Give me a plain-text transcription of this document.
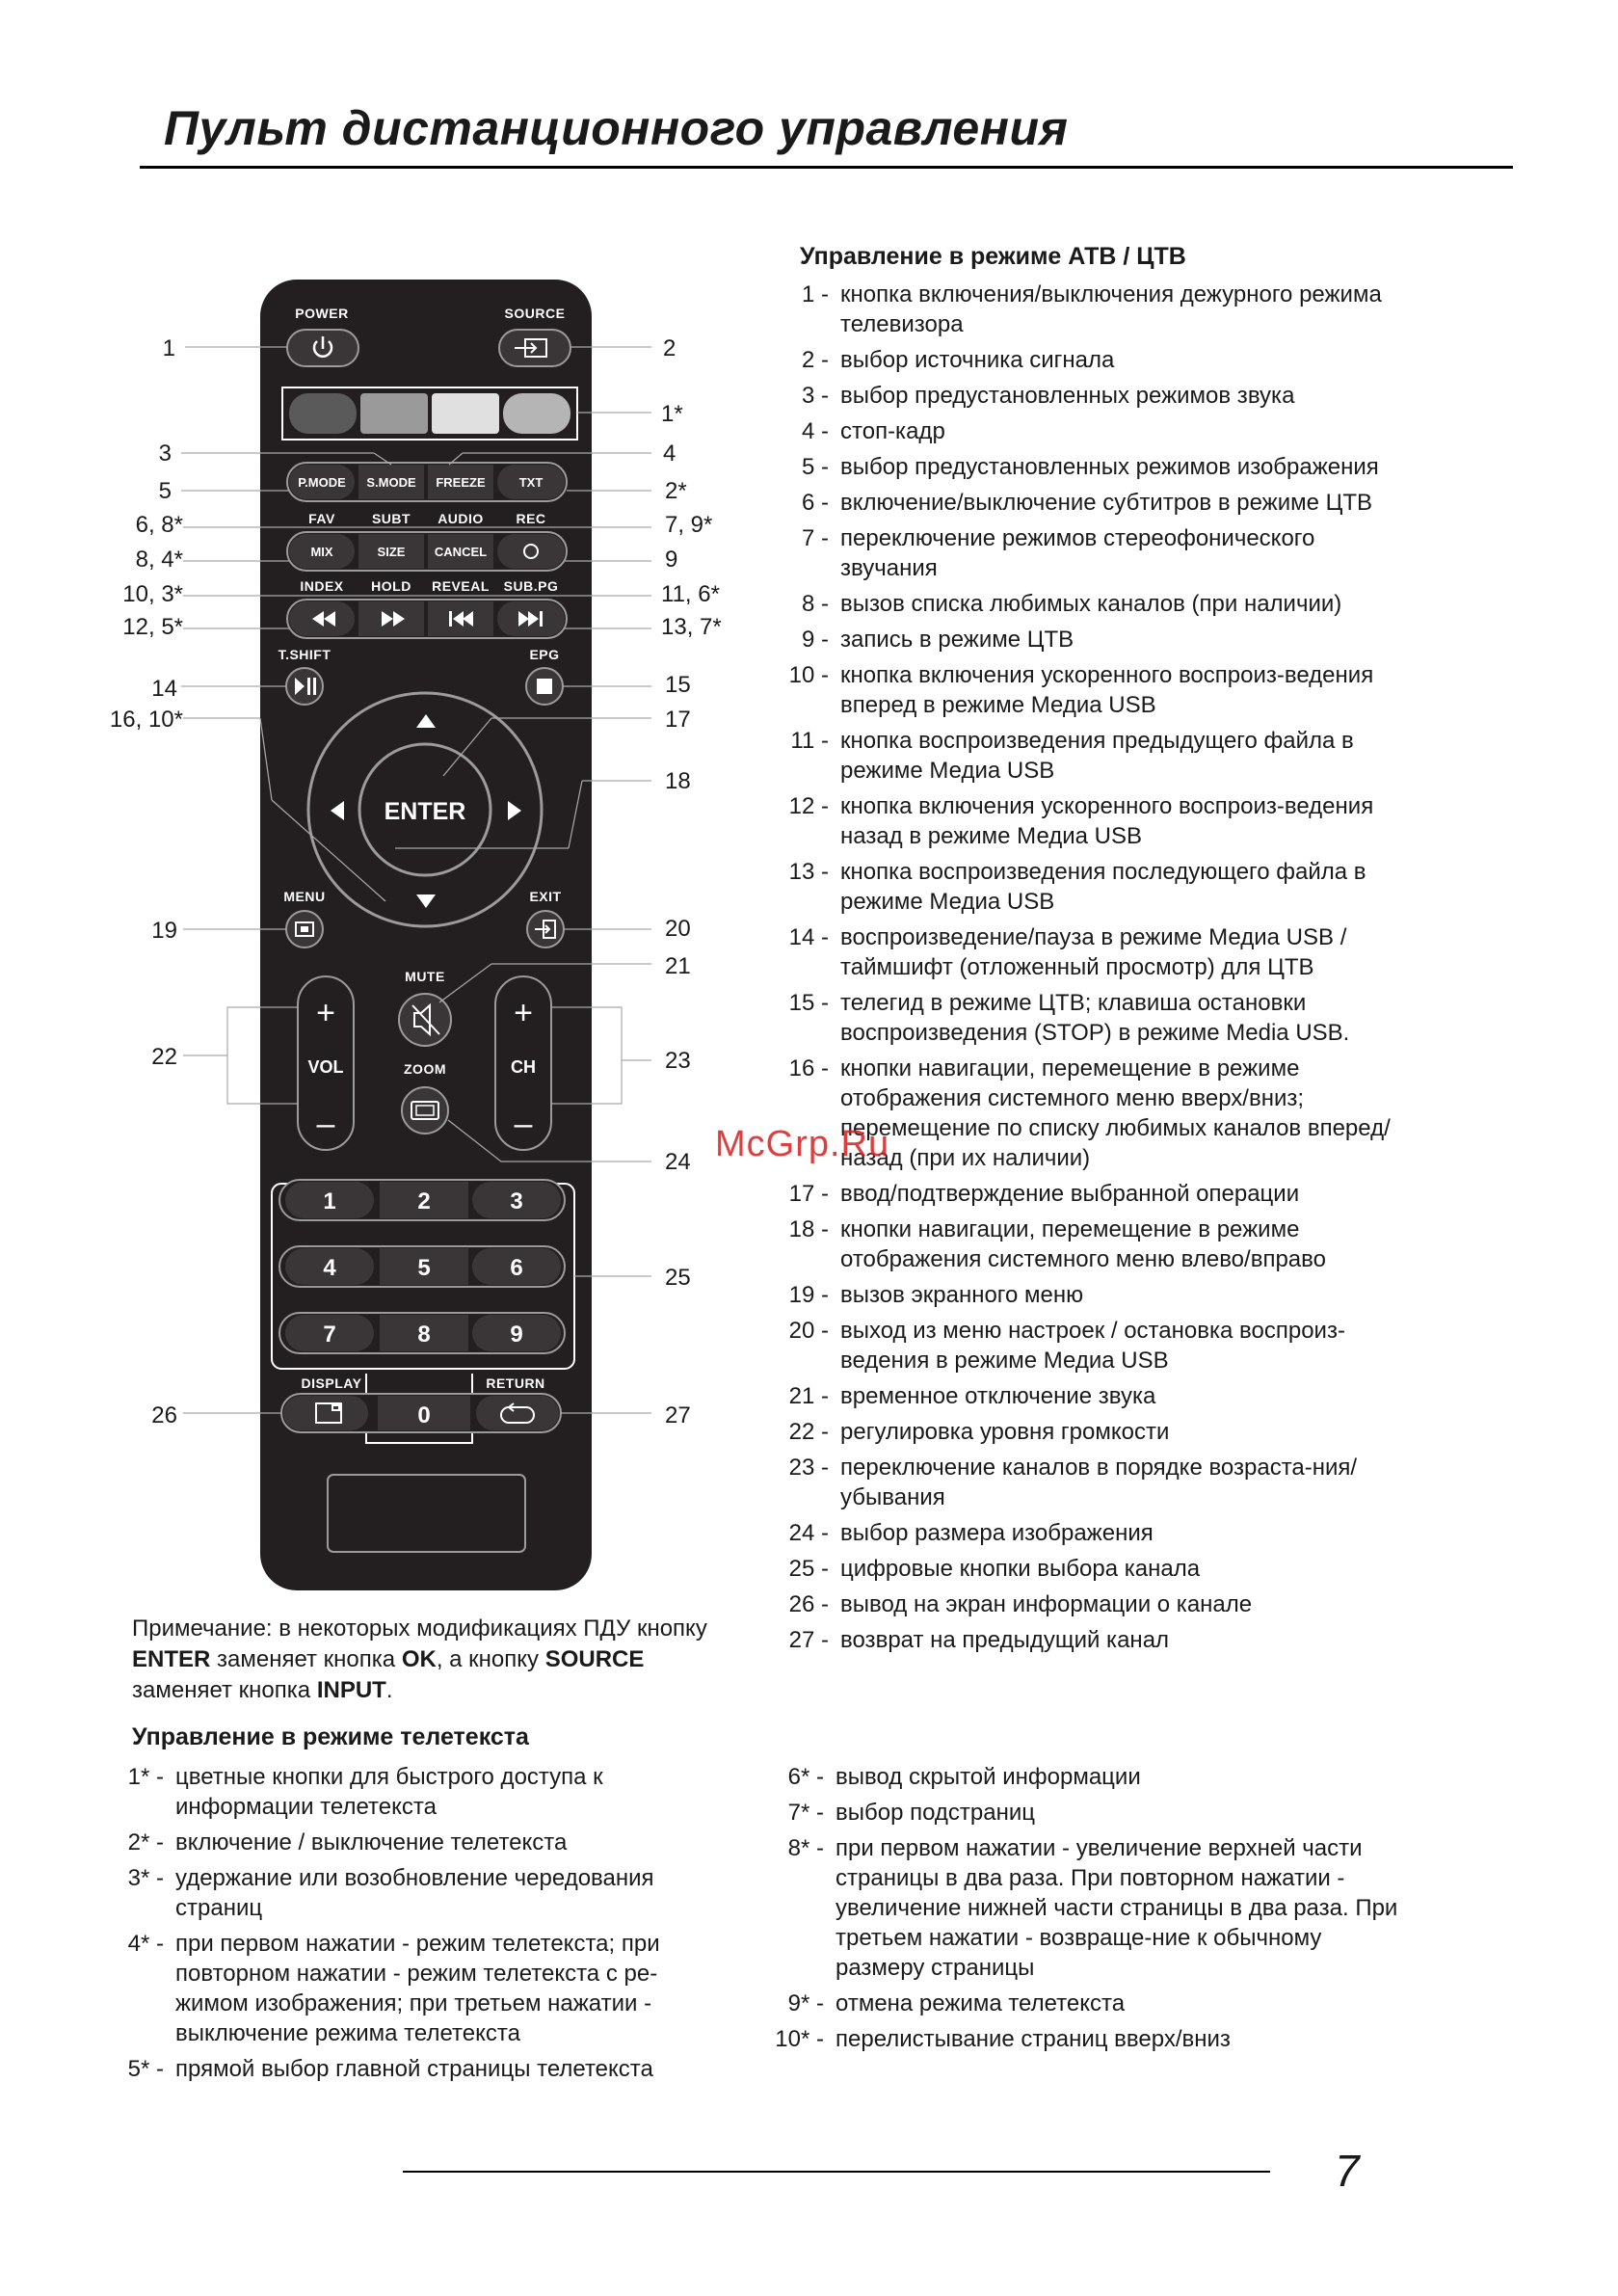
Пульт дистанционного управления
POWER	SOURCE
P.MODE S.MODE FREEZE	TXT
FAV	SUBT AUDIO REC
MIX	SIZE CANCEL
INDEX HOLD REVEAL SUB.PG
T.SHIFT	EPG
ENTER
MENU	EXIT
MUTE
+
VOL
–
+
CH
–
ZOOM
1	2	3
4	5	6
7	8	9
DISPLAY	RETURN
0
1
3
5
6, 8*
8, 4*
10, 3*
12, 5*
14
16, 10*
19
22
26
2
1*
4
2*
7, 9*
9
11, 6*
13, 7*
15
17
18
20
21
23
24
25
27
Управление в режиме АТВ / ЦТВ
1 - кнопка включения/выключения дежурного режима телевизора
2 - выбор источника сигнала
3 - выбор предустановленных режимов звука
4 - стоп-кадр
5 - выбор предустановленных режимов изображения
6 - включение/выключение субтитров в режиме ЦТВ
7 - переключение режимов стереофонического звучания
8 - вызов списка любимых каналов (при наличии)
9 - запись в режиме ЦТВ
10 - кнопка включения ускоренного воспроиз-ведения вперед в режиме Медиа USB
11 - кнопка воспроизведения предыдущего файла в режиме Медиа USB
12 - кнопка включения ускоренного воспроиз-ведения назад в режиме Медиа USB
13 - кнопка воспроизведения последующего файла в режиме Медиа USB
14 - воспроизведение/пауза в режиме Медиа USB / таймшифт (отложенный просмотр) для ЦТВ
15 - телегид в режиме ЦТВ; клавиша остановки воспроизведения (STOP) в режиме Media USB.
16 - кнопки навигации, перемещение в режиме отображения системного меню вверх/вниз; перемещение по списку любимых каналов вперед/назад (при их наличии)
17 - ввод/подтверждение выбранной операции
18 - кнопки навигации, перемещение в режиме отображения системного меню влево/вправо
19 - вызов экранного меню
20 - выход из меню настроек / остановка воспроиз-ведения в режиме Медиа USB
21 - временное отключение звука
22 - регулировка уровня громкости
23 - переключение каналов в порядке возраста-ния/убывания
24 - выбор размера изображения
25 - цифровые кнопки выбора канала
26 - вывод на экран информации о канале
27 - возврат на предыдущий канал
Примечание: в некоторых модификациях ПДУ кнопку ENTER заменяет кнопка OK, а кнопку SOURCE заменяет кнопка INPUT.
Управление в режиме телетекста
1* - цветные кнопки для быстрого доступа к информации телетекста
2* - включение / выключение телетекста
3* - удержание или возобновление чередования страниц
4* - при первом нажатии - режим телетекста; при повторном нажатии - режим телетекста с ре-жимом изображения; при третьем нажатии - выключение режима телетекста
5* - прямой выбор главной страницы телетекста
6* - вывод скрытой информации
7* - выбор подстраниц
8* - при первом нажатии - увеличение верхней части страницы в два раза. При повторном нажатии - увеличение нижней части страницы в два раза. При третьем нажатии - возвраще-ние к обычному размеру страницы
9* - отмена режима телетекста
10* - перелистывание страниц вверх/вниз
McGrp.Ru
7
